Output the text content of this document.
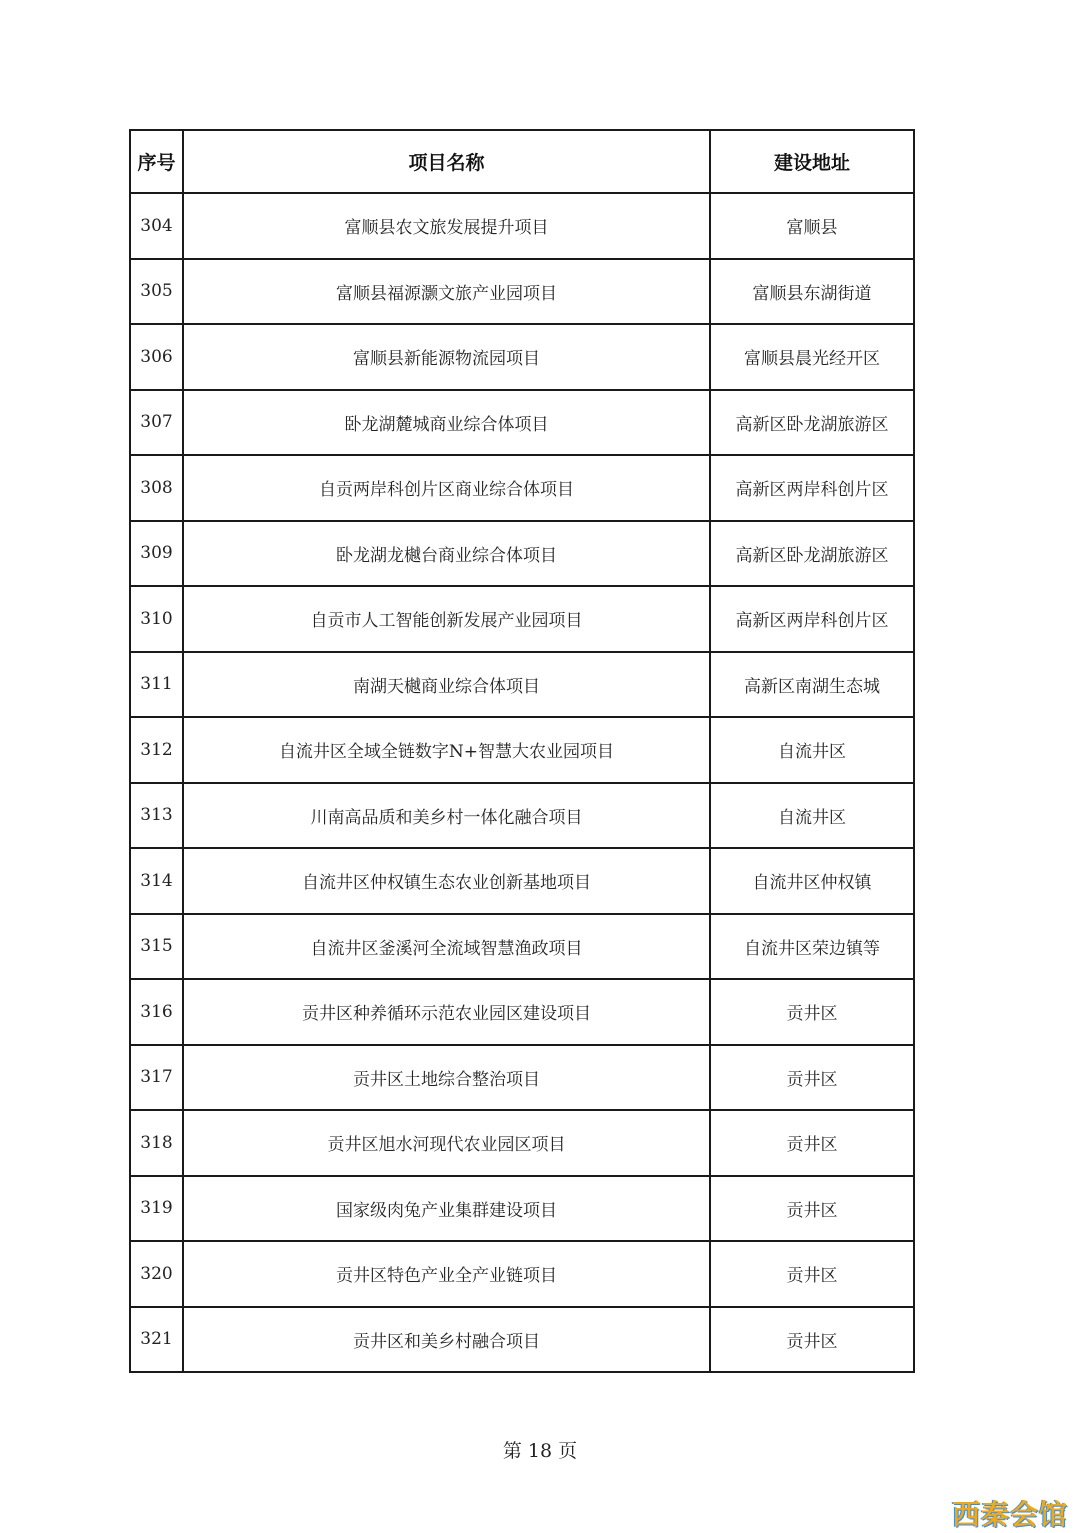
序号	项目名称	建设地址
304	富顺县农文旅发展提升项目	富顺县
305	富顺县福源灏文旅产业园项目	富顺县东湖街道
306	富顺县新能源物流园项目	富顺县晨光经开区
307	卧龙湖麓城商业综合体项目	高新区卧龙湖旅游区
308	自贡两岸科创片区商业综合体项目	高新区两岸科创片区
309	卧龙湖龙樾台商业综合体项目	高新区卧龙湖旅游区
310	自贡市人工智能创新发展产业园项目	高新区两岸科创片区
311	南湖天樾商业综合体项目	高新区南湖生态城
312	自流井区全域全链数字N+智慧大农业园项目	自流井区
313	川南高品质和美乡村一体化融合项目	自流井区
314	自流井区仲权镇生态农业创新基地项目	自流井区仲权镇
315	自流井区釜溪河全流域智慧渔政项目	自流井区荣边镇等
316	贡井区种养循环示范农业园区建设项目	贡井区
317	贡井区土地综合整治项目	贡井区
318	贡井区旭水河现代农业园区项目	贡井区
319	国家级肉兔产业集群建设项目	贡井区
320	贡井区特色产业全产业链项目	贡井区
321	贡井区和美乡村融合项目	贡井区
第 18 页
西秦会馆
